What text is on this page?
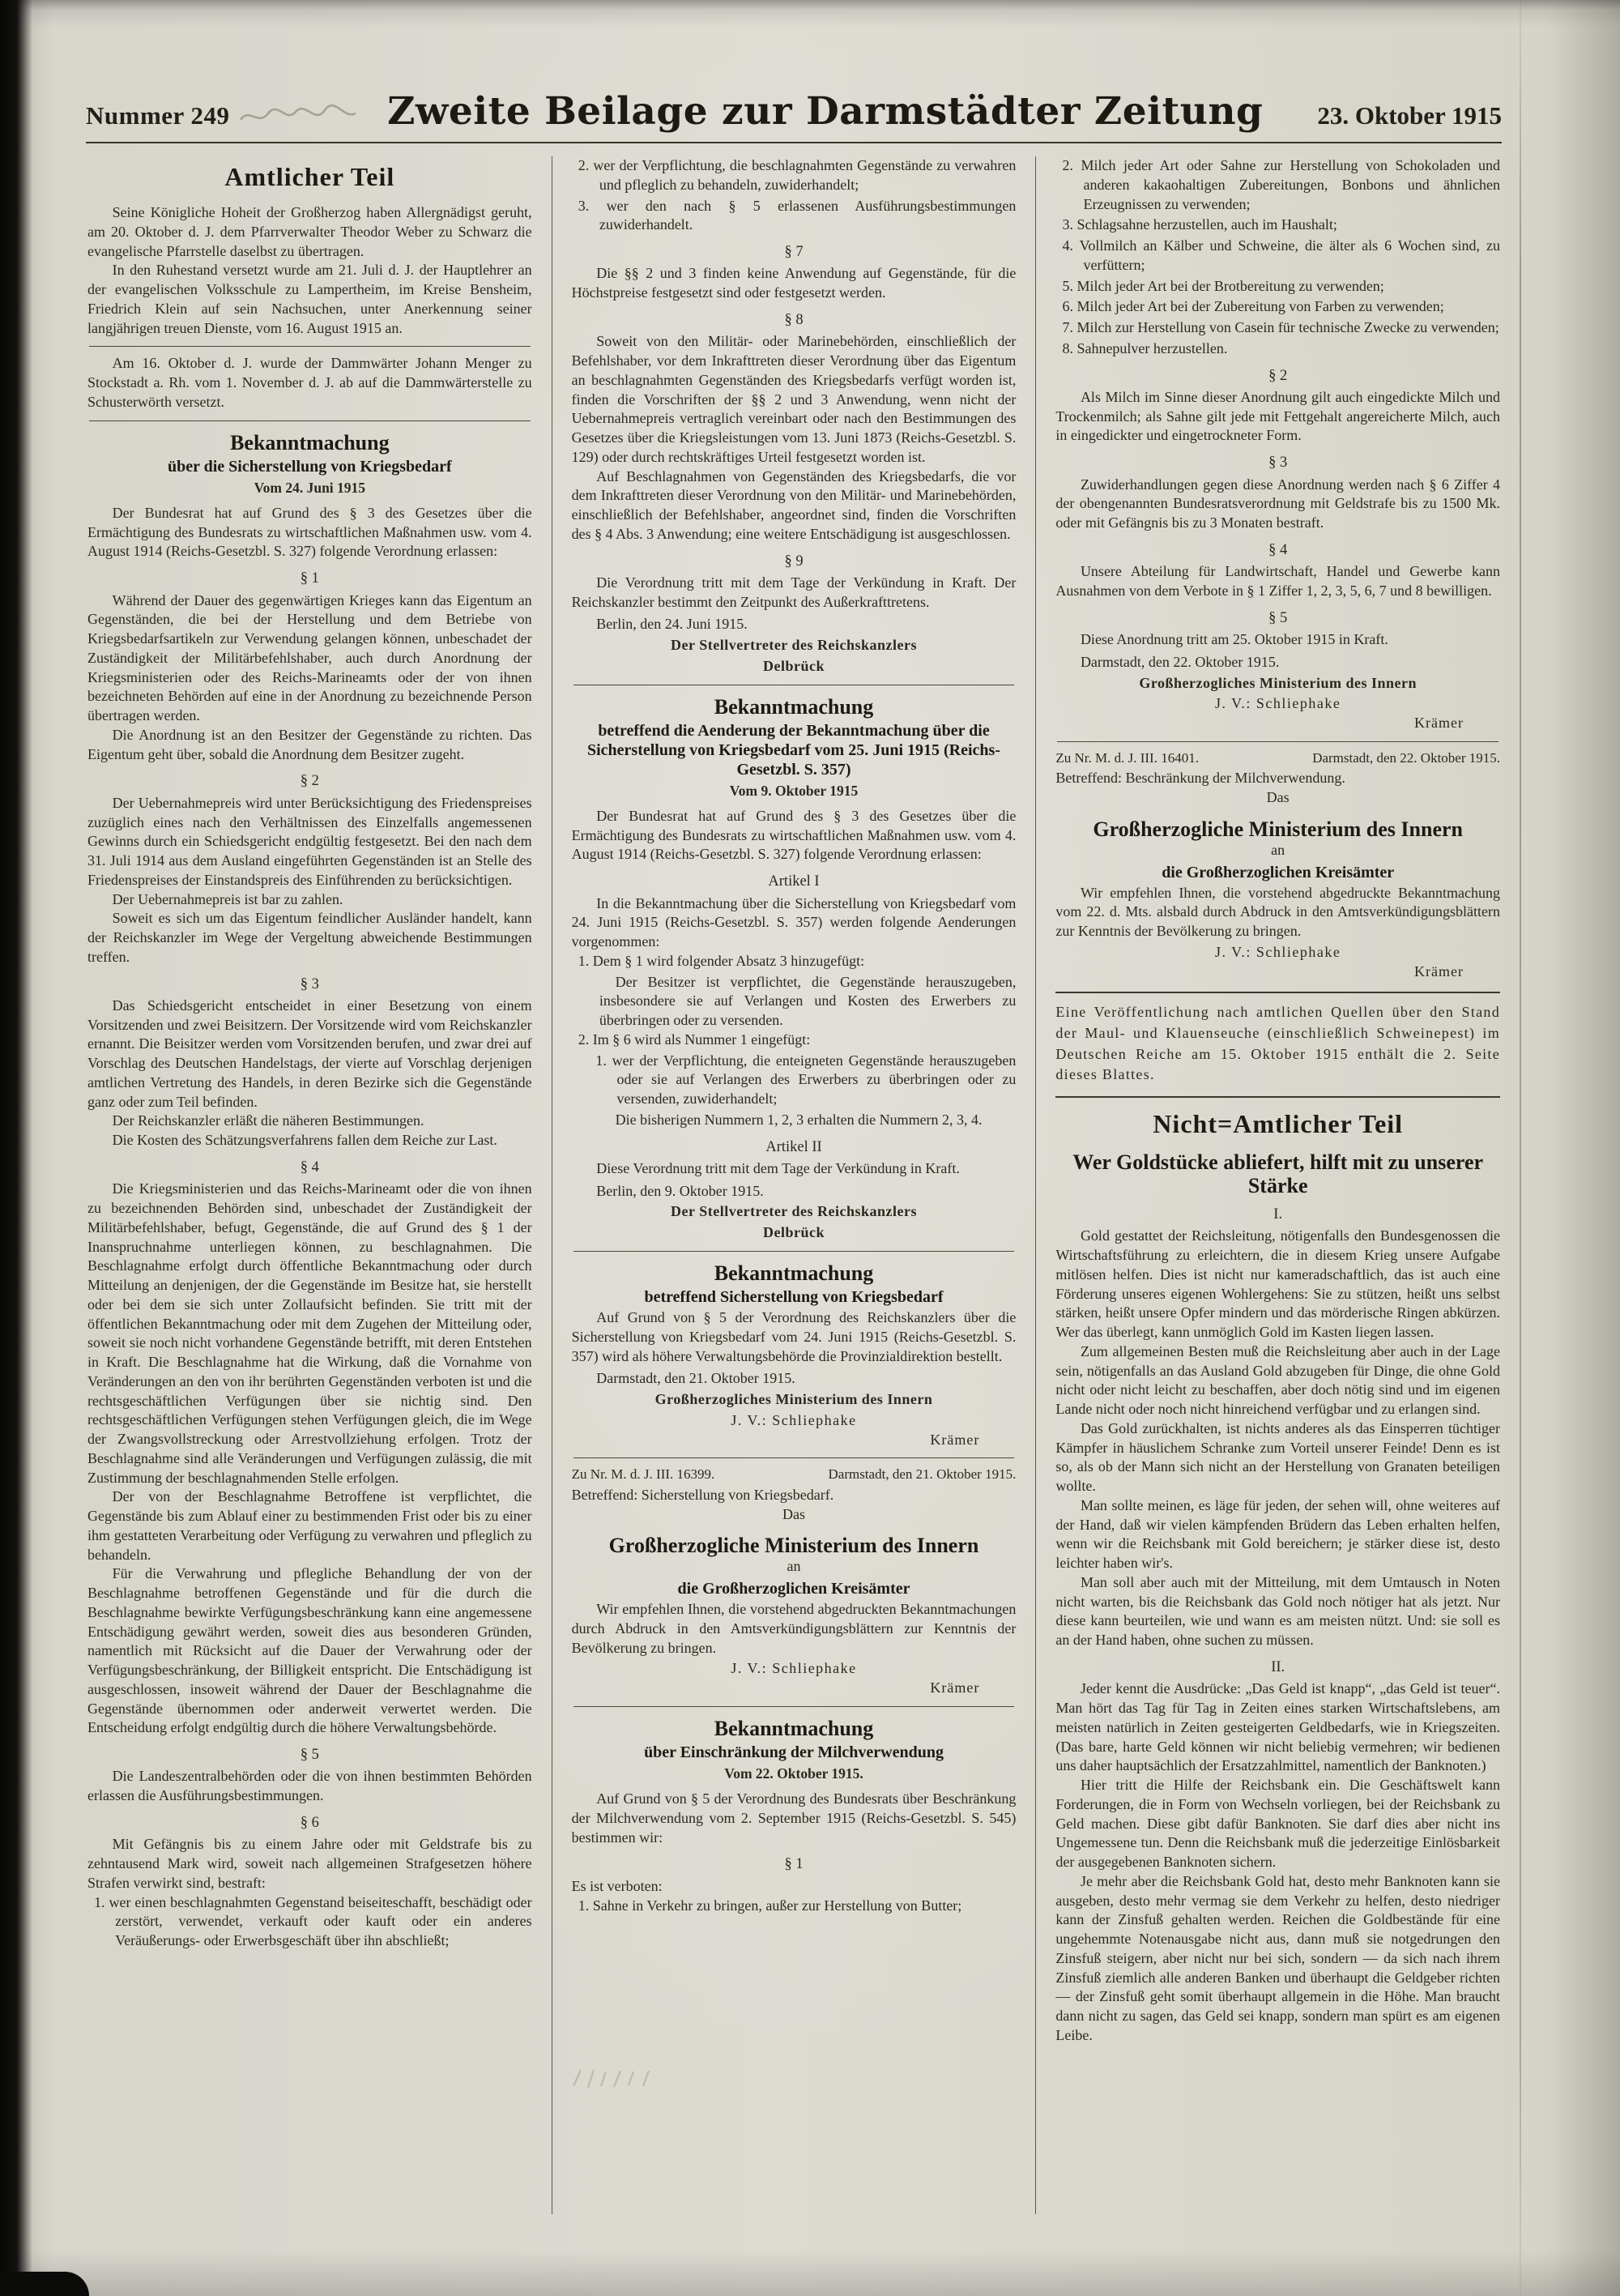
Nummer 249	Zweite Beilage zur Darmstädter Zeitung	23. Oktober 1915
Amtlicher Teil
Seine Königliche Hoheit der Großherzog haben Allergnädigst geruht, am 20. Oktober d. J. dem Pfarrverwalter Theodor Weber zu Schwarz die evangelische Pfarrstelle daselbst zu übertragen.
In den Ruhestand versetzt wurde am 21. Juli d. J. der Hauptlehrer an der evangelischen Volksschule zu Lampertheim, im Kreise Bensheim, Friedrich Klein auf sein Nachsuchen, unter Anerkennung seiner langjährigen treuen Dienste, vom 16. August 1915 an.
Am 16. Oktober d. J. wurde der Dammwärter Johann Menger zu Stockstadt a. Rh. vom 1. November d. J. ab auf die Dammwärterstelle zu Schusterwörth versetzt.
Bekanntmachung
über die Sicherstellung von Kriegsbedarf
Vom 24. Juni 1915
Der Bundesrat hat auf Grund des § 3 des Gesetzes über die Ermächtigung des Bundesrats zu wirtschaftlichen Maßnahmen usw. vom 4. August 1914 (Reichs-Gesetzbl. S. 327) folgende Verordnung erlassen:
§ 1
Während der Dauer des gegenwärtigen Krieges kann das Eigentum an Gegenständen, die bei der Herstellung und dem Betriebe von Kriegsbedarfsartikeln zur Verwendung gelangen können, unbeschadet der Zuständigkeit der Militärbefehlshaber, auch durch Anordnung der Kriegsministerien oder des Reichs-Marineamts oder der von ihnen bezeichneten Behörden auf eine in der Anordnung zu bezeichnende Person übertragen werden.
Die Anordnung ist an den Besitzer der Gegenstände zu richten. Das Eigentum geht über, sobald die Anordnung dem Besitzer zugeht.
§ 2
Der Uebernahmepreis wird unter Berücksichtigung des Friedenspreises zuzüglich eines nach den Verhältnissen des Einzelfalls angemessenen Gewinns durch ein Schiedsgericht endgültig festgesetzt. Bei den nach dem 31. Juli 1914 aus dem Ausland eingeführten Gegenständen ist an Stelle des Friedenspreises der Einstandspreis des Einführenden zu berücksichtigen.
Der Uebernahmepreis ist bar zu zahlen.
Soweit es sich um das Eigentum feindlicher Ausländer handelt, kann der Reichskanzler im Wege der Vergeltung abweichende Bestimmungen treffen.
§ 3
Das Schiedsgericht entscheidet in einer Besetzung von einem Vorsitzenden und zwei Beisitzern. Der Vorsitzende wird vom Reichskanzler ernannt. Die Beisitzer werden vom Vorsitzenden berufen, und zwar drei auf Vorschlag des Deutschen Handelstags, der vierte auf Vorschlag derjenigen amtlichen Vertretung des Handels, in deren Bezirke sich die Gegenstände ganz oder zum Teil befinden.
Der Reichskanzler erläßt die näheren Bestimmungen.
Die Kosten des Schätzungsverfahrens fallen dem Reiche zur Last.
§ 4
Die Kriegsministerien und das Reichs-Marineamt oder die von ihnen zu bezeichnenden Behörden sind, unbeschadet der Zuständigkeit der Militärbefehlshaber, befugt, Gegenstände, die auf Grund des § 1 der Inanspruchnahme unterliegen können, zu beschlagnahmen. Die Beschlagnahme erfolgt durch öffentliche Bekanntmachung oder durch Mitteilung an denjenigen, der die Gegenstände im Besitze hat, sie herstellt oder bei dem sie sich unter Zollaufsicht befinden. Sie tritt mit der öffentlichen Bekanntmachung oder mit dem Zugehen der Mitteilung oder, soweit sie noch nicht vorhandene Gegenstände betrifft, mit deren Entstehen in Kraft. Die Beschlagnahme hat die Wirkung, daß die Vornahme von Veränderungen an den von ihr berührten Gegenständen verboten ist und die rechtsgeschäftlichen Verfügungen über sie nichtig sind. Den rechtsgeschäftlichen Verfügungen stehen Verfügungen gleich, die im Wege der Zwangsvollstreckung oder Arrestvollziehung erfolgen. Trotz der Beschlagnahme sind alle Veränderungen und Verfügungen zulässig, die mit Zustimmung der beschlagnahmenden Stelle erfolgen.
Der von der Beschlagnahme Betroffene ist verpflichtet, die Gegenstände bis zum Ablauf einer zu bestimmenden Frist oder bis zu einer ihm gestatteten Verarbeitung oder Verfügung zu verwahren und pfleglich zu behandeln.
Für die Verwahrung und pflegliche Behandlung der von der Beschlagnahme betroffenen Gegenstände und für die durch die Beschlagnahme bewirkte Verfügungsbeschränkung kann eine angemessene Entschädigung gewährt werden, soweit dies aus besonderen Gründen, namentlich mit Rücksicht auf die Dauer der Verwahrung oder der Verfügungsbeschränkung, der Billigkeit entspricht. Die Entschädigung ist ausgeschlossen, insoweit während der Dauer der Beschlagnahme die Gegenstände übernommen oder anderweit verwertet werden. Die Entscheidung erfolgt endgültig durch die höhere Verwaltungsbehörde.
§ 5
Die Landeszentralbehörden oder die von ihnen bestimmten Behörden erlassen die Ausführungsbestimmungen.
§ 6
Mit Gefängnis bis zu einem Jahre oder mit Geldstrafe bis zu zehntausend Mark wird, soweit nach allgemeinen Strafgesetzen höhere Strafen verwirkt sind, bestraft:
1. wer einen beschlagnahmten Gegenstand beiseiteschafft, beschädigt oder zerstört, verwendet, verkauft oder kauft oder ein anderes Veräußerungs- oder Erwerbsgeschäft über ihn abschließt;
2. wer der Verpflichtung, die beschlagnahmten Gegenstände zu verwahren und pfleglich zu behandeln, zuwiderhandelt;
3. wer den nach § 5 erlassenen Ausführungsbestimmungen zuwiderhandelt.
§ 7
Die §§ 2 und 3 finden keine Anwendung auf Gegenstände, für die Höchstpreise festgesetzt sind oder festgesetzt werden.
§ 8
Soweit von den Militär- oder Marinebehörden, einschließlich der Befehlshaber, vor dem Inkrafttreten dieser Verordnung über das Eigentum an beschlagnahmten Gegenständen des Kriegsbedarfs verfügt worden ist, finden die Vorschriften der §§ 2 und 3 Anwendung, wenn nicht der Uebernahmepreis vertraglich vereinbart oder nach den Bestimmungen des Gesetzes über die Kriegsleistungen vom 13. Juni 1873 (Reichs-Gesetzbl. S. 129) oder durch rechtskräftiges Urteil festgesetzt worden ist.
Auf Beschlagnahmen von Gegenständen des Kriegsbedarfs, die vor dem Inkrafttreten dieser Verordnung von den Militär- und Marinebehörden, einschließlich der Befehlshaber, angeordnet sind, finden die Vorschriften des § 4 Abs. 3 Anwendung; eine weitere Entschädigung ist ausgeschlossen.
§ 9
Die Verordnung tritt mit dem Tage der Verkündung in Kraft. Der Reichskanzler bestimmt den Zeitpunkt des Außerkrafttretens.
Berlin, den 24. Juni 1915.
Der Stellvertreter des Reichskanzlers
Delbrück
Bekanntmachung
betreffend die Aenderung der Bekanntmachung über die Sicherstellung von Kriegsbedarf vom 25. Juni 1915 (Reichs-Gesetzbl. S. 357)
Vom 9. Oktober 1915
Der Bundesrat hat auf Grund des § 3 des Gesetzes über die Ermächtigung des Bundesrats zu wirtschaftlichen Maßnahmen usw. vom 4. August 1914 (Reichs-Gesetzbl. S. 327) folgende Verordnung erlassen:
Artikel I
In die Bekanntmachung über die Sicherstellung von Kriegsbedarf vom 24. Juni 1915 (Reichs-Gesetzbl. S. 357) werden folgende Aenderungen vorgenommen:
1. Dem § 1 wird folgender Absatz 3 hinzugefügt:
Der Besitzer ist verpflichtet, die Gegenstände herauszugeben, insbesondere sie auf Verlangen und Kosten des Erwerbers zu überbringen oder zu versenden.
2. Im § 6 wird als Nummer 1 eingefügt:
1. wer der Verpflichtung, die enteigneten Gegenstände herauszugeben oder sie auf Verlangen des Erwerbers zu überbringen oder zu versenden, zuwiderhandelt;
Die bisherigen Nummern 1, 2, 3 erhalten die Nummern 2, 3, 4.
Artikel II
Diese Verordnung tritt mit dem Tage der Verkündung in Kraft.
Berlin, den 9. Oktober 1915.
Der Stellvertreter des Reichskanzlers
Delbrück
Bekanntmachung
betreffend Sicherstellung von Kriegsbedarf
Auf Grund von § 5 der Verordnung des Reichskanzlers über die Sicherstellung von Kriegsbedarf vom 24. Juni 1915 (Reichs-Gesetzbl. S. 357) wird als höhere Verwaltungsbehörde die Provinzialdirektion bestellt.
Darmstadt, den 21. Oktober 1915.
Großherzogliches Ministerium des Innern
J. V.: Schliephake
Krämer
Zu Nr. M. d. J. III. 16399.	Darmstadt, den 21. Oktober 1915.
Betreffend: Sicherstellung von Kriegsbedarf.
Das
Großherzogliche Ministerium des Innern
an
die Großherzoglichen Kreisämter
Wir empfehlen Ihnen, die vorstehend abgedruckten Bekanntmachungen durch Abdruck in den Amtsverkündigungsblättern zur Kenntnis der Bevölkerung zu bringen.
J. V.: Schliephake
Krämer
Bekanntmachung
über Einschränkung der Milchverwendung
Vom 22. Oktober 1915.
Auf Grund von § 5 der Verordnung des Bundesrats über Beschränkung der Milchverwendung vom 2. September 1915 (Reichs-Gesetzbl. S. 545) bestimmen wir:
§ 1
Es ist verboten:
1. Sahne in Verkehr zu bringen, außer zur Herstellung von Butter;
2. Milch jeder Art oder Sahne zur Herstellung von Schokoladen und anderen kakaohaltigen Zubereitungen, Bonbons und ähnlichen Erzeugnissen zu verwenden;
3. Schlagsahne herzustellen, auch im Haushalt;
4. Vollmilch an Kälber und Schweine, die älter als 6 Wochen sind, zu verfüttern;
5. Milch jeder Art bei der Brotbereitung zu verwenden;
6. Milch jeder Art bei der Zubereitung von Farben zu verwenden;
7. Milch zur Herstellung von Casein für technische Zwecke zu verwenden;
8. Sahnepulver herzustellen.
§ 2
Als Milch im Sinne dieser Anordnung gilt auch eingedickte Milch und Trockenmilch; als Sahne gilt jede mit Fettgehalt angereicherte Milch, auch in eingedickter und eingetrockneter Form.
§ 3
Zuwiderhandlungen gegen diese Anordnung werden nach § 6 Ziffer 4 der obengenannten Bundesratsverordnung mit Geldstrafe bis zu 1500 Mk. oder mit Gefängnis bis zu 3 Monaten bestraft.
§ 4
Unsere Abteilung für Landwirtschaft, Handel und Gewerbe kann Ausnahmen von dem Verbote in § 1 Ziffer 1, 2, 3, 5, 6, 7 und 8 bewilligen.
§ 5
Diese Anordnung tritt am 25. Oktober 1915 in Kraft.
Darmstadt, den 22. Oktober 1915.
Großherzogliches Ministerium des Innern
J. V.: Schliephake
Krämer
Zu Nr. M. d. J. III. 16401.	Darmstadt, den 22. Oktober 1915.
Betreffend: Beschränkung der Milchverwendung.
Das
Großherzogliche Ministerium des Innern
an
die Großherzoglichen Kreisämter
Wir empfehlen Ihnen, die vorstehend abgedruckte Bekanntmachung vom 22. d. Mts. alsbald durch Abdruck in den Amtsverkündigungsblättern zur Kenntnis der Bevölkerung zu bringen.
J. V.: Schliephake
Krämer
Eine Veröffentlichung nach amtlichen Quellen über den Stand der Maul- und Klauenseuche (einschließlich Schweinepest) im Deutschen Reiche am 15. Oktober 1915 enthält die 2. Seite dieses Blattes.
Nicht=Amtlicher Teil
Wer Goldstücke abliefert, hilft mit zu unserer Stärke
I.
Gold gestattet der Reichsleitung, nötigenfalls den Bundesgenossen die Wirtschaftsführung zu erleichtern, die in diesem Krieg unsere Aufgabe mitlösen helfen. Dies ist nicht nur kameradschaftlich, das ist auch eine Förderung unseres eigenen Wohlergehens: Sie zu stützen, heißt uns selbst stärken, heißt unsere Opfer mindern und das mörderische Ringen abkürzen. Wer das überlegt, kann unmöglich Gold im Kasten liegen lassen.
Zum allgemeinen Besten muß die Reichsleitung aber auch in der Lage sein, nötigenfalls an das Ausland Gold abzugeben für Dinge, die ohne Gold nicht oder nicht leicht zu beschaffen, aber doch nötig sind und im eigenen Lande nicht oder noch nicht hinreichend verfügbar und zu erlangen sind.
Das Gold zurückhalten, ist nichts anderes als das Einsperren tüchtiger Kämpfer in häuslichem Schranke zum Vorteil unserer Feinde! Denn es ist so, als ob der Mann sich nicht an der Herstellung von Granaten beteiligen wollte.
Man sollte meinen, es läge für jeden, der sehen will, ohne weiteres auf der Hand, daß wir vielen kämpfenden Brüdern das Leben erhalten helfen, wenn wir die Reichsbank mit Gold bereichern; je stärker diese ist, desto leichter haben wir's.
Man soll aber auch mit der Mitteilung, mit dem Umtausch in Noten nicht warten, bis die Reichsbank das Gold noch nötiger hat als jetzt. Nur diese kann beurteilen, wie und wann es am meisten nützt. Und: sie soll es an der Hand haben, ohne suchen zu müssen.
II.
Jeder kennt die Ausdrücke: „Das Geld ist knapp“, „das Geld ist teuer“. Man hört das Tag für Tag in Zeiten eines starken Wirtschaftslebens, am meisten natürlich in Zeiten gesteigerten Geldbedarfs, wie in Kriegszeiten. (Das bare, harte Geld können wir nicht beliebig vermehren; wir bedienen uns daher hauptsächlich der Ersatzzahlmittel, namentlich der Banknoten.)
Hier tritt die Hilfe der Reichsbank ein. Die Geschäftswelt kann Forderungen, die in Form von Wechseln vorliegen, bei der Reichsbank zu Geld machen. Diese gibt dafür Banknoten. Sie darf dies aber nicht ins Ungemessene tun. Denn die Reichsbank muß die jederzeitige Einlösbarkeit der ausgegebenen Banknoten sichern.
Je mehr aber die Reichsbank Gold hat, desto mehr Banknoten kann sie ausgeben, desto mehr vermag sie dem Verkehr zu helfen, desto niedriger kann der Zinsfuß gehalten werden. Reichen die Goldbestände für eine ungehemmte Notenausgabe nicht aus, dann muß sie notgedrungen den Zinsfuß steigern, aber nicht nur bei sich, sondern — da sich nach ihrem Zinsfuß ziemlich alle anderen Banken und überhaupt die Geldgeber richten — der Zinsfuß geht somit überhaupt allgemein in die Höhe. Man braucht dann nicht zu sagen, das Geld sei knapp, sondern man spürt es am eigenen Leibe.
